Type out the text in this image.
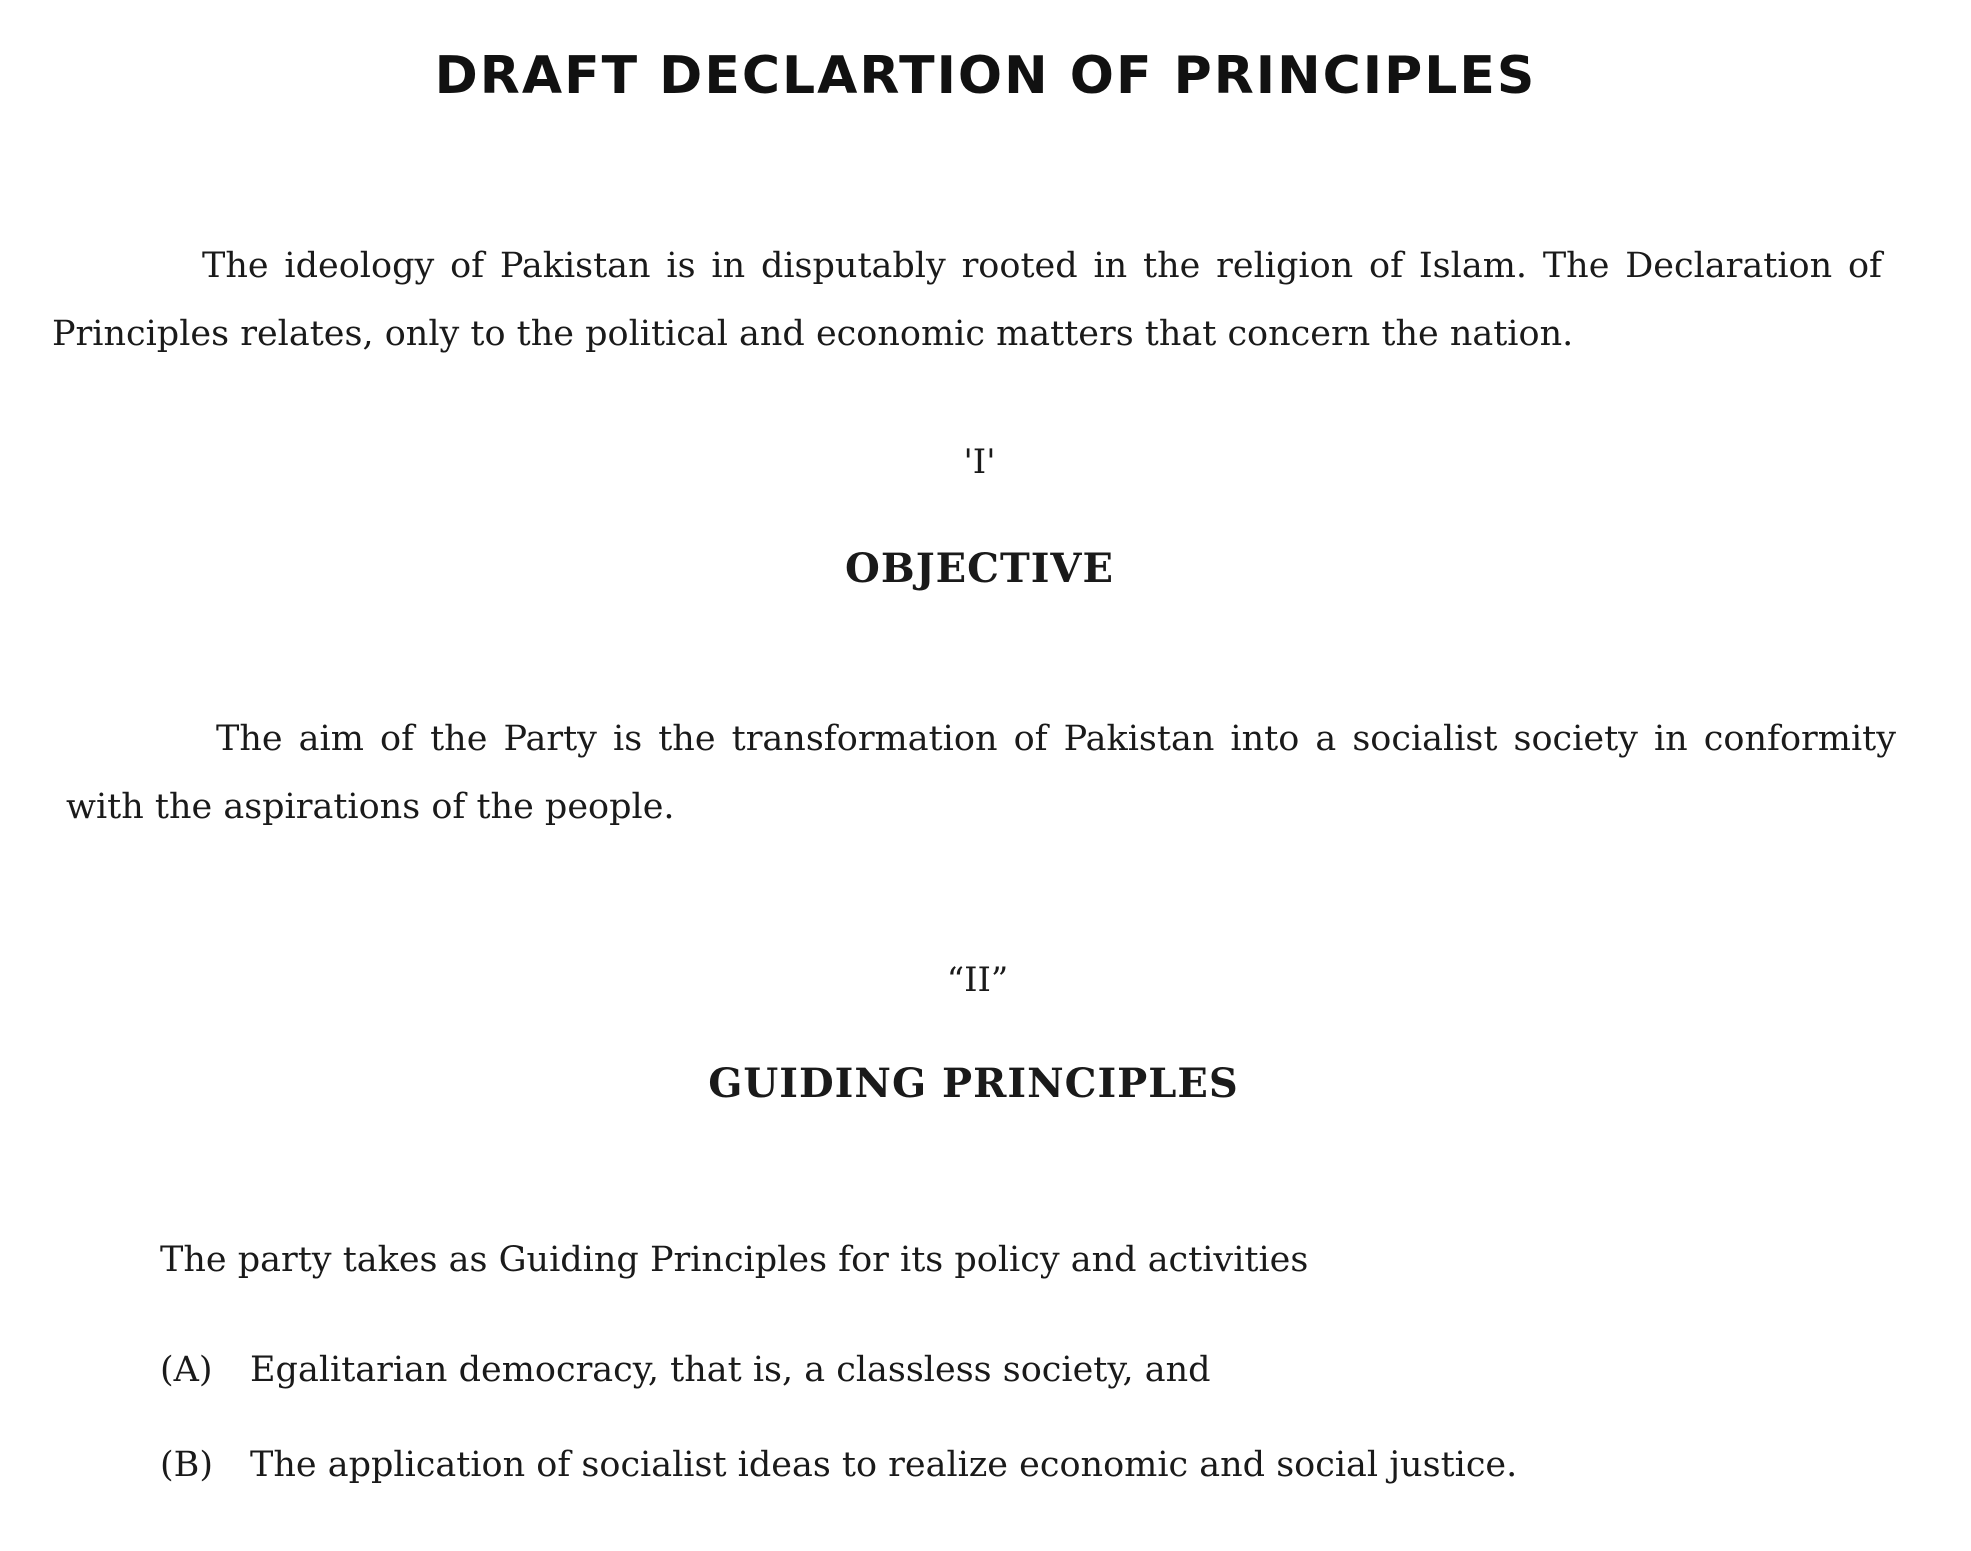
DRAFT DECLARTION OF PRINCIPLES

The ideology of Pakistan is in disputably rooted in the religion of Islam. The Declaration of Principles relates, only to the political and economic matters that concern the nation.

'I'

OBJECTIVE

The aim of the Party is the transformation of Pakistan into a socialist society in conformity with the aspirations of the people.

“II”

GUIDING PRINCIPLES

The party takes as Guiding Principles for its policy and activities

(A) Egalitarian democracy, that is, a classless society, and

(B) The application of socialist ideas to realize economic and social justice.
